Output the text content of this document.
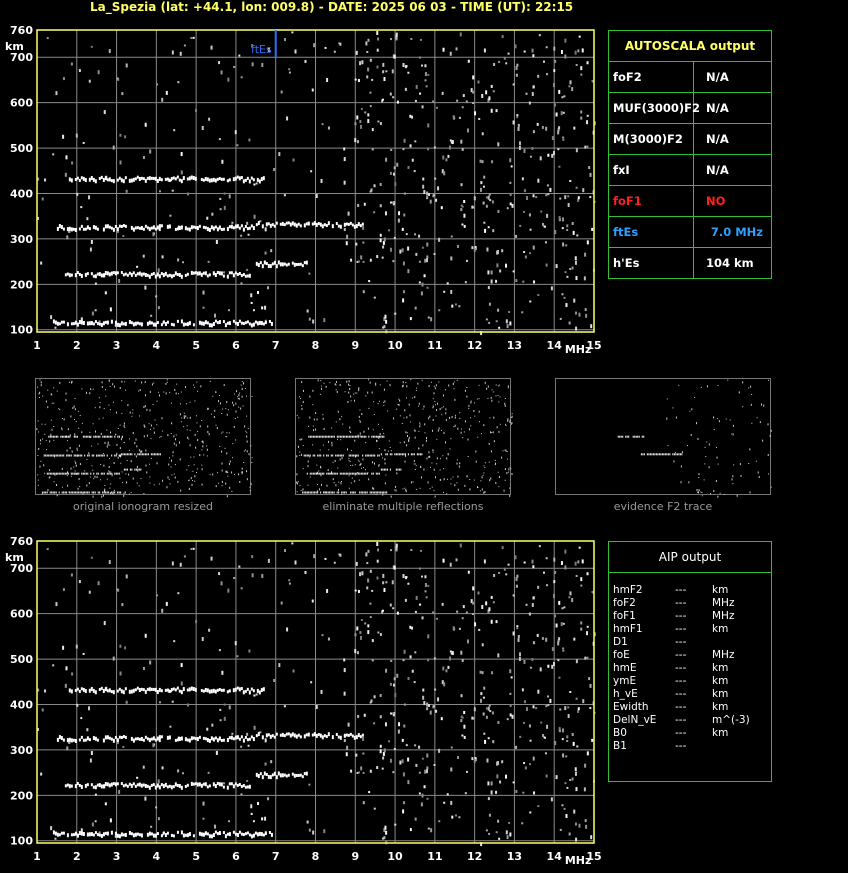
La_Spezia (lat: +44.1, lon: 009.8) - DATE: 2025 06 03 - TIME (UT): 22:15
ftEs
100
200
300
400
500
600
700
760
km
1	2	3	4	5	6	7	8	9	10 11 12 13 14 15
MHz
100
200
300
400
500
600
700
760
km
1	2	3	4	5	6	7	8	9	10 11 12 13 14 15
MHz
AUTOSCALA output
foF2	N/A
MUF(3000)F2 N/A
M(3000)F2	N/A
fxI	N/A
foF1	NO
ftEs	7.0 MHz
h'Es	104 km
original ionogram resized	eliminate multiple reflections	evidence F2 trace
AIP output
hmF2	---	km
foF2	---	MHz
foF1	---	MHz
hmF1	---	km
D1	---
foE	---	MHz
hmE	---	km
ymE	---	km
h_vE	---	km
Ewidth	---	km
DelN_vE	---	m^(-3)
B0	---	km
B1	---
